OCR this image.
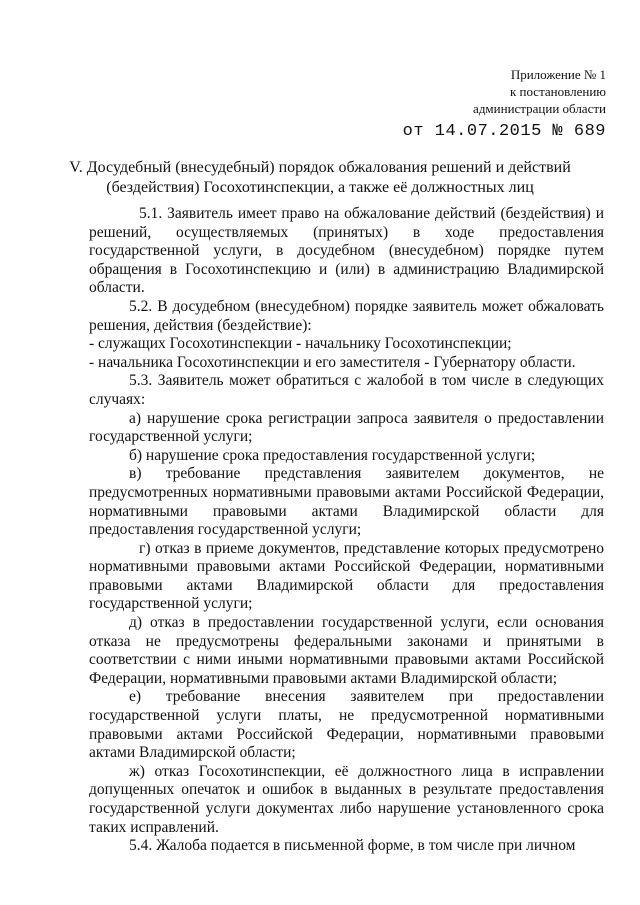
Приложение № 1
к постановлению
администрации области
от 14.07.2015 № 689
V. Досудебный (внесудебный) порядок обжалования решений и действий
(бездействия) Госохотинспекции, а также её должностных лиц

5.1. Заявитель имеет право на обжалование действий (бездействия) и решений, осуществляемых (принятых) в ходе предоставления государственной услуги, в досудебном (внесудебном) порядке путем обращения в Госохотинспекцию и (или) в администрацию Владимирской области.

5.2. В досудебном (внесудебном) порядке заявитель может обжаловать решения, действия (бездействие):

- служащих Госохотинспекции - начальнику Госохотинспекции;

- начальника Госохотинспекции и его заместителя - Губернатору области.

5.3. Заявитель может обратиться с жалобой в том числе в следующих случаях:

а) нарушение срока регистрации запроса заявителя о предоставлении государственной услуги;

б) нарушение срока предоставления государственной услуги;

в) требование представления заявителем документов, не предусмотренных нормативными правовыми актами Российской Федерации, нормативными правовыми актами Владимирской области для предоставления государственной услуги;

г) отказ в приеме документов, представление которых предусмотрено нормативными правовыми актами Российской Федерации, нормативными правовыми актами Владимирской области для предоставления государственной услуги;

д) отказ в предоставлении государственной услуги, если основания отказа не предусмотрены федеральными законами и принятыми в соответствии с ними иными нормативными правовыми актами Российской Федерации, нормативными правовыми актами Владимирской области;

е) требование внесения заявителем при предоставлении государственной услуги платы, не предусмотренной нормативными правовыми актами Российской Федерации, нормативными правовыми актами Владимирской области;

ж) отказ Госохотинспекции, её должностного лица в исправлении допущенных опечаток и ошибок в выданных в результате предоставления государственной услуги документах либо нарушение установленного срока таких исправлений.

5.4. Жалоба подается в письменной форме, в том числе при личном
